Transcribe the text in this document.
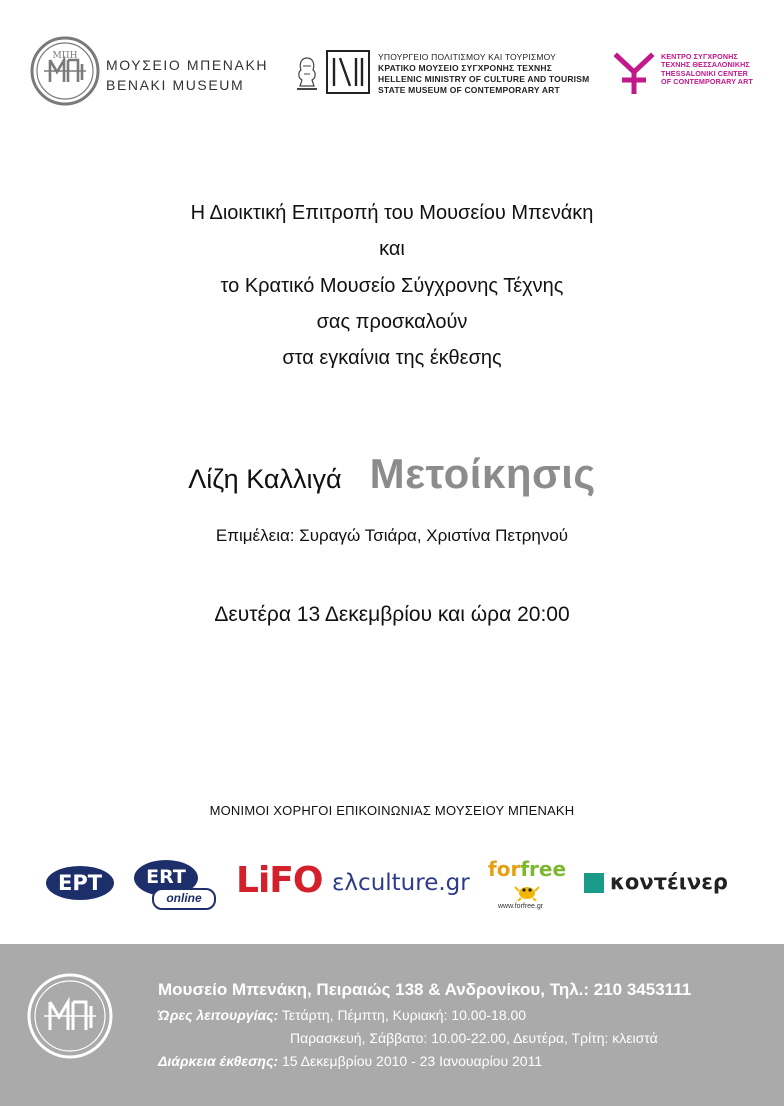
ΜΠΗ
ΜΟΥΣΕΙΟ ΜΠΕΝΑΚΗ
BENAKI MUSEUM
ΥΠΟΥΡΓΕΙΟ ΠΟΛΙΤΙΣΜΟΥ ΚΑΙ ΤΟΥΡΙΣΜΟΥ
ΚΡΑΤΙΚΟ ΜΟΥΣΕΙΟ ΣΥΓΧΡΟΝΗΣ ΤΕΧΝΗΣ
HELLENIC MINISTRY OF CULTURE AND TOURISM
STATE MUSEUM OF CONTEMPORARY ART
ΚΕΝΤΡΟ ΣΥΓΧΡΟΝΗΣ
ΤΕΧΝΗΣ ΘΕΣΣΑΛΟΝΙΚΗΣ
THESSALONIKI CENTER
OF CONTEMPORARY ART
Η Διοικτική Επιτροπή του Μουσείου Μπενάκη
και
το Κρατικό Μουσείο Σύγχρονης Τέχνης
σας προσκαλούν
στα εγκαίνια της έκθεσης
Λίζη Καλλιγά Μετοίκησις
Επιμέλεια: Συραγώ Τσιάρα, Χριστίνα Πετρηνού
Δευτέρα 13 Δεκεμβρίου και ώρα 20:00
ΜΟΝΙΜΟΙ ΧΟΡΗΓΟΙ ΕΠΙΚΟΙΝΩΝΙΑΣ ΜΟΥΣΕΙΟΥ ΜΠΕΝΑΚΗ
ΕΡΤ	ERT
online LiFO ελculture.gr
forfree
www.forfree.gr
κοντέινερ
Μουσείο Μπενάκη, Πειραιώς 138 & Ανδρονίκου, Τηλ.: 210 3453111
Ώρες λειτουργίας: Τετάρτη, Πέμπτη, Κυριακή: 10.00-18.00
Παρασκευή, Σάββατο: 10.00-22.00, Δευτέρα, Τρίτη: κλειστά
Διάρκεια έκθεσης: 15 Δεκεμβρίου 2010 - 23 Ιανουαρίου 2011
